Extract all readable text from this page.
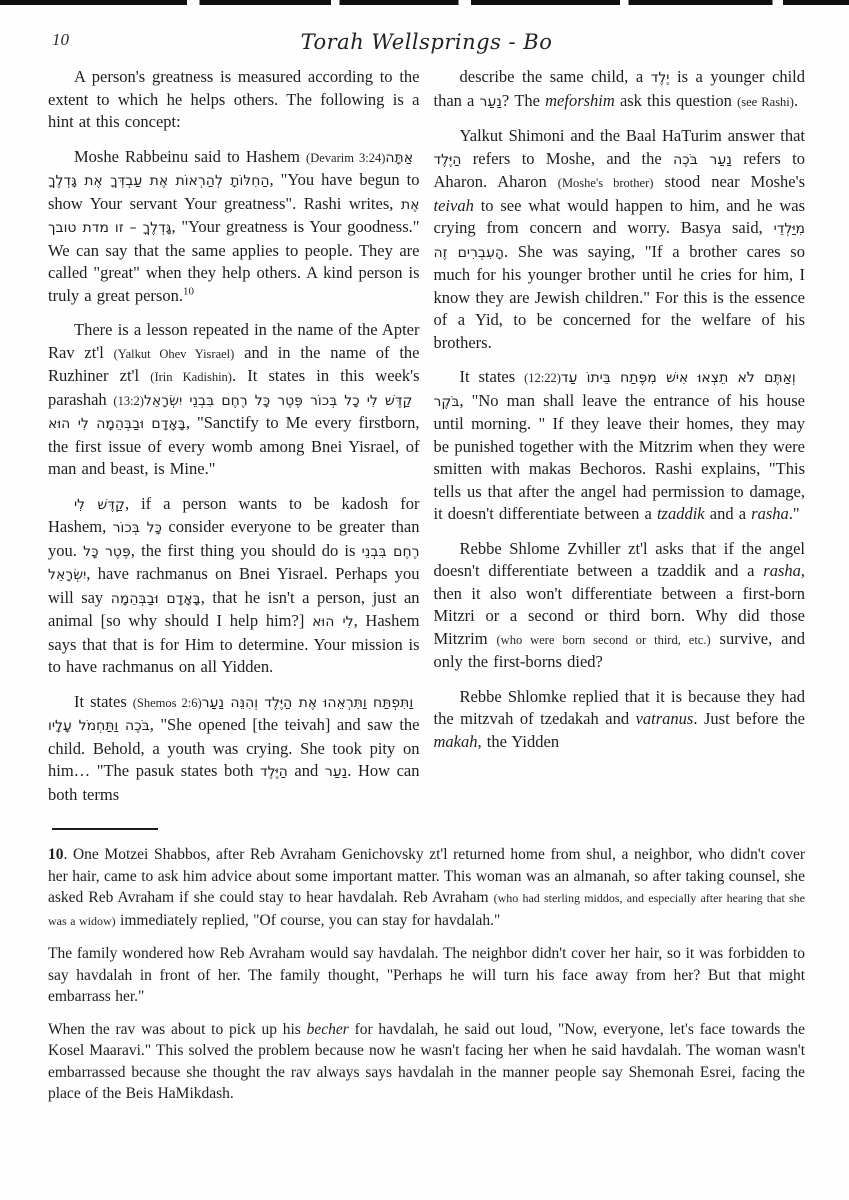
10	Torah Wellsprings - Bo

A person's greatness is measured according to the extent to which he helps others. The following is a hint at this concept:

Moshe Rabbeinu said to Hashem (Devarim 3:24) אַתָּה הַחִלּוֹתָ לְהַרְאוֹת אֶת עַבְדְּךָ אֶת גָּדְלֶךָ, "You have begun to show Your servant Your greatness". Rashi writes, אֶת גָּדְלֶךָ – זו מדת טובך, "Your greatness is Your goodness." We can say that the same applies to people. They are called "great" when they help others. A kind person is truly a great person.$^{10}$

There is a lesson repeated in the name of the Apter Rav zt'l (Yalkut Ohev Yisrael) and in the name of the Ruzhiner zt'l (Irin Kadishin). It states in this week's parashah (13:2) קַדֶּשׁ לִי כָל בְּכוֹר פֶּטֶר כָּל רֶחֶם בִּבְנֵי יִשְׂרָאֵל בָּאָדָם וּבַבְּהֵמָה לִי הוּא, "Sanctify to Me every firstborn, the first issue of every womb among Bnei Yisrael, of man and beast, is Mine."

קַדֶּשׁ לִי, if a person wants to be kadosh for Hashem, כָּל בְּכוֹר consider everyone to be greater than you. פֶּטֶר כָּל, the first thing you should do is רֶחֶם בִּבְנֵי יִשְׂרָאֵל, have rachmanus on Bnei Yisrael. Perhaps you will say בָּאָדָם וּבַבְּהֵמָה, that he isn't a person, just an animal [so why should I help him?] לִי הוּא, Hashem says that that is for Him to determine. Your mission is to have rachmanus on all Yidden.

It states (Shemos 2:6) וַתִּפְתַּח וַתִּרְאֵהוּ אֶת הַיֶּלֶד וְהִנֵּה נַעַר בֹּכֶה וַתַּחְמֹל עָלָיו, "She opened [the teivah] and saw the child. Behold, a youth was crying. She took pity on him… "The pasuk states both הַיֶּלֶד and נַעַר. How can both terms

describe the same child, a יֶלֶד is a younger child than a נַעַר? The meforshim ask this question (see Rashi).

Yalkut Shimoni and the Baal HaTurim answer that הַיֶּלֶד refers to Moshe, and the נַעַר בֹּכֶה refers to Aharon. Aharon (Moshe's brother) stood near Moshe's teivah to see what would happen to him, and he was crying from concern and worry. Basya said, מִיַּלְדֵי הָעִבְרִים זֶה. She was saying, "If a brother cares so much for his younger brother until he cries for him, I know they are Jewish children." For this is the essence of a Yid, to be concerned for the welfare of his brothers.

It states (12:22) וְאַתֶּם לֹא תֵצְאוּ אִישׁ מִפֶּתַח בֵּיתוֹ עַד בֹּקֶר, "No man shall leave the entrance of his house until morning. " If they leave their homes, they may be punished together with the Mitzrim when they were smitten with makas Bechoros. Rashi explains, "This tells us that after the angel had permission to damage, it doesn't differentiate between a tzaddik and a rasha."

Rebbe Shlome Zvhiller zt'l asks that if the angel doesn't differentiate between a tzaddik and a rasha, then it also won't differentiate between a first-born Mitzri or a second or third born. Why did those Mitzrim (who were born second or third, etc.) survive, and only the first-borns died?

Rebbe Shlomke replied that it is because they had the mitzvah of tzedakah and vatranus. Just before the makah, the Yidden

10. One Motzei Shabbos, after Reb Avraham Genichovsky zt'l returned home from shul, a neighbor, who didn't cover her hair, came to ask him advice about some important matter. This woman was an almanah, so after taking counsel, she asked Reb Avraham if she could stay to hear havdalah. Reb Avraham (who had sterling middos, and especially after hearing that she was a widow) immediately replied, "Of course, you can stay for havdalah."

The family wondered how Reb Avraham would say havdalah. The neighbor didn't cover her hair, so it was forbidden to say havdalah in front of her. The family thought, "Perhaps he will turn his face away from her? But that might embarrass her."

When the rav was about to pick up his becher for havdalah, he said out loud, "Now, everyone, let's face towards the Kosel Maaravi." This solved the problem because now he wasn't facing her when he said havdalah. The woman wasn't embarrassed because she thought the rav always says havdalah in the manner people say Shemonah Esrei, facing the place of the Beis HaMikdash.
